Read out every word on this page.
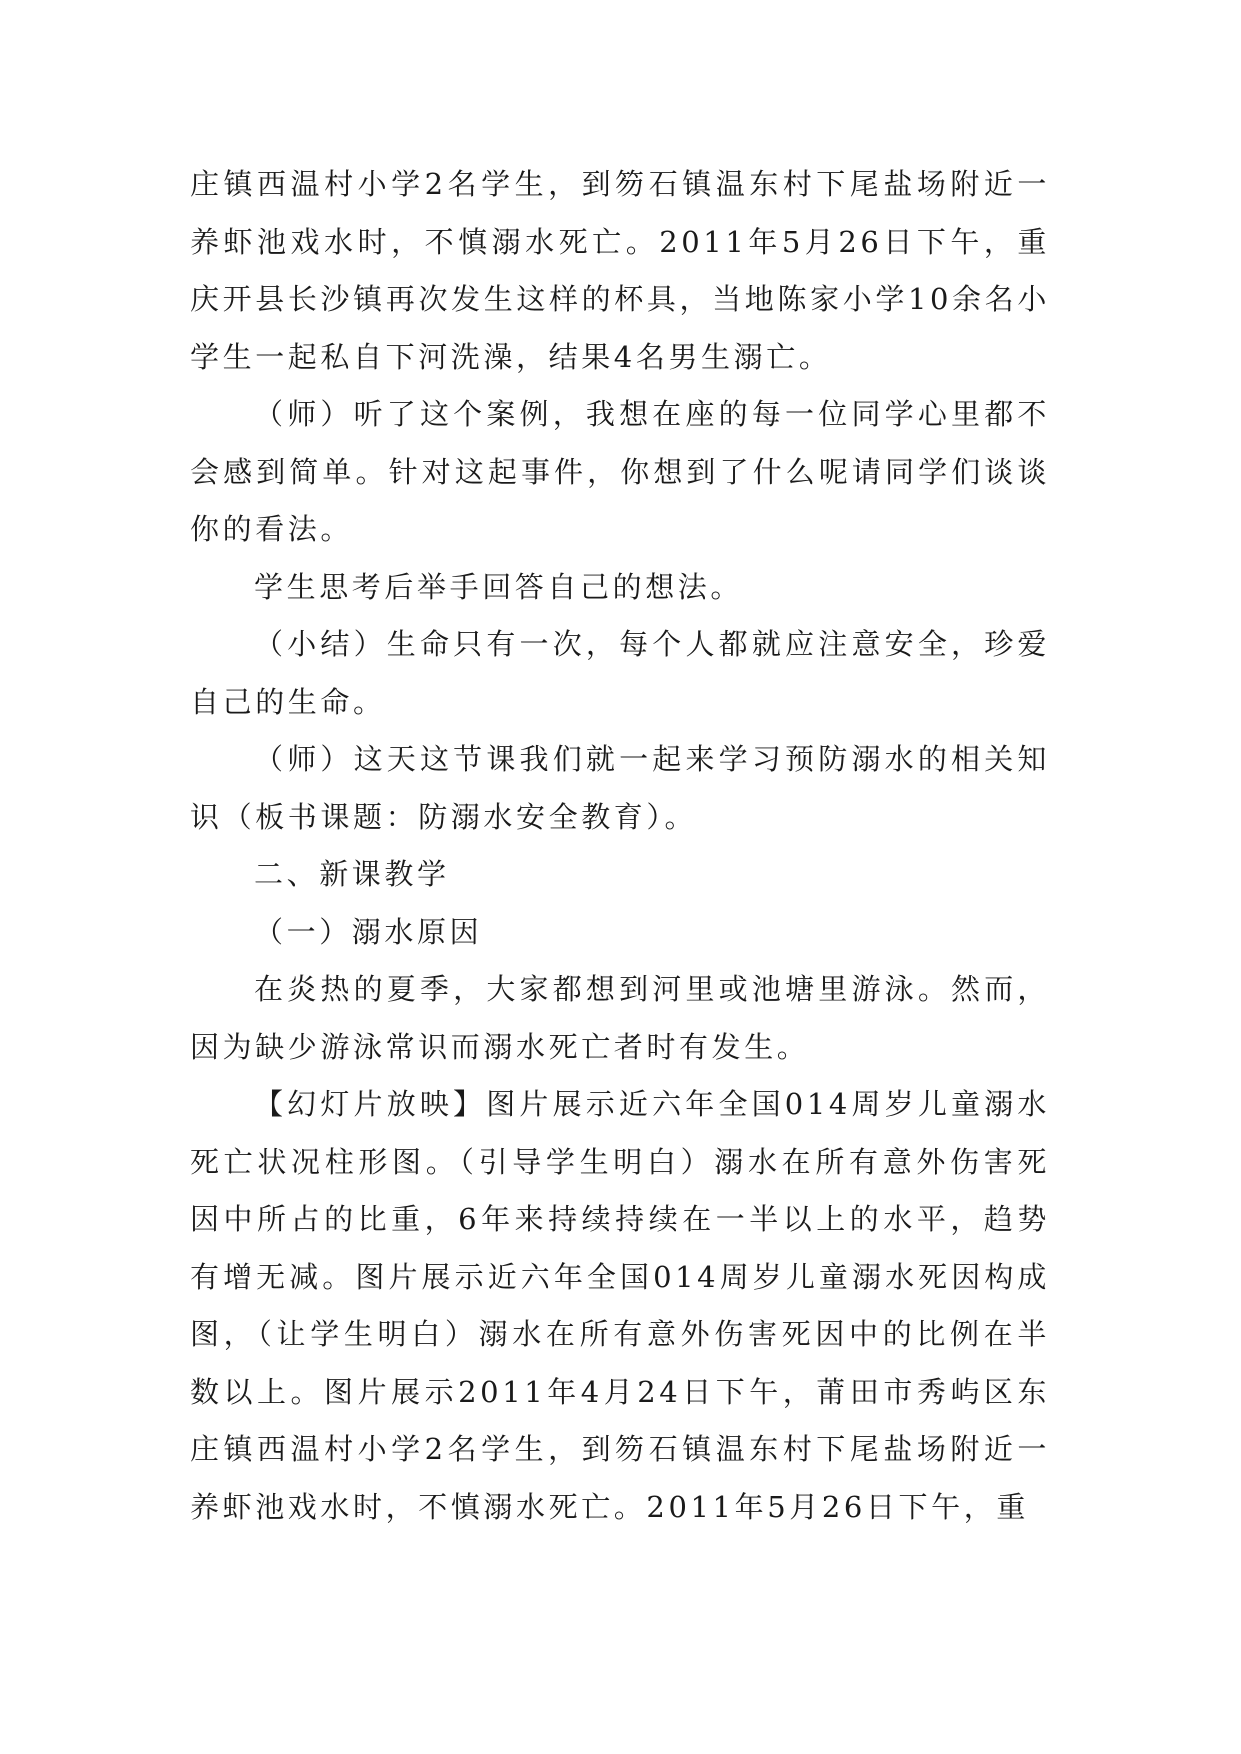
庄镇西温村小学2名学生，到笏石镇温东村下尾盐场附近一养虾池戏水时，不慎溺水死亡。2011年5月26日下午，重庆开县长沙镇再次发生这样的杯具，当地陈家小学10余名小学生一起私自下河洗澡，结果4名男生溺亡。

（师）听了这个案例，我想在座的每一位同学心里都不会感到简单。针对这起事件，你想到了什么呢请同学们谈谈你的看法。

学生思考后举手回答自己的想法。

（小结）生命只有一次，每个人都就应注意安全，珍爱自己的生命。

（师）这天这节课我们就一起来学习预防溺水的相关知识（板书课题：防溺水安全教育）。

二、新课教学

（一）溺水原因

在炎热的夏季，大家都想到河里或池塘里游泳。然而，因为缺少游泳常识而溺水死亡者时有发生。

【幻灯片放映】图片展示近六年全国014周岁儿童溺水死亡状况柱形图。（引导学生明白）溺水在所有意外伤害死因中所占的比重，6年来持续持续在一半以上的水平，趋势有增无减。图片展示近六年全国014周岁儿童溺水死因构成图，（让学生明白）溺水在所有意外伤害死因中的比例在半数以上。图片展示2011年4月24日下午，莆田市秀屿区东庄镇西温村小学2名学生，到笏石镇温东村下尾盐场附近一养虾池戏水时，不慎溺水死亡。2011年5月26日下午，重
